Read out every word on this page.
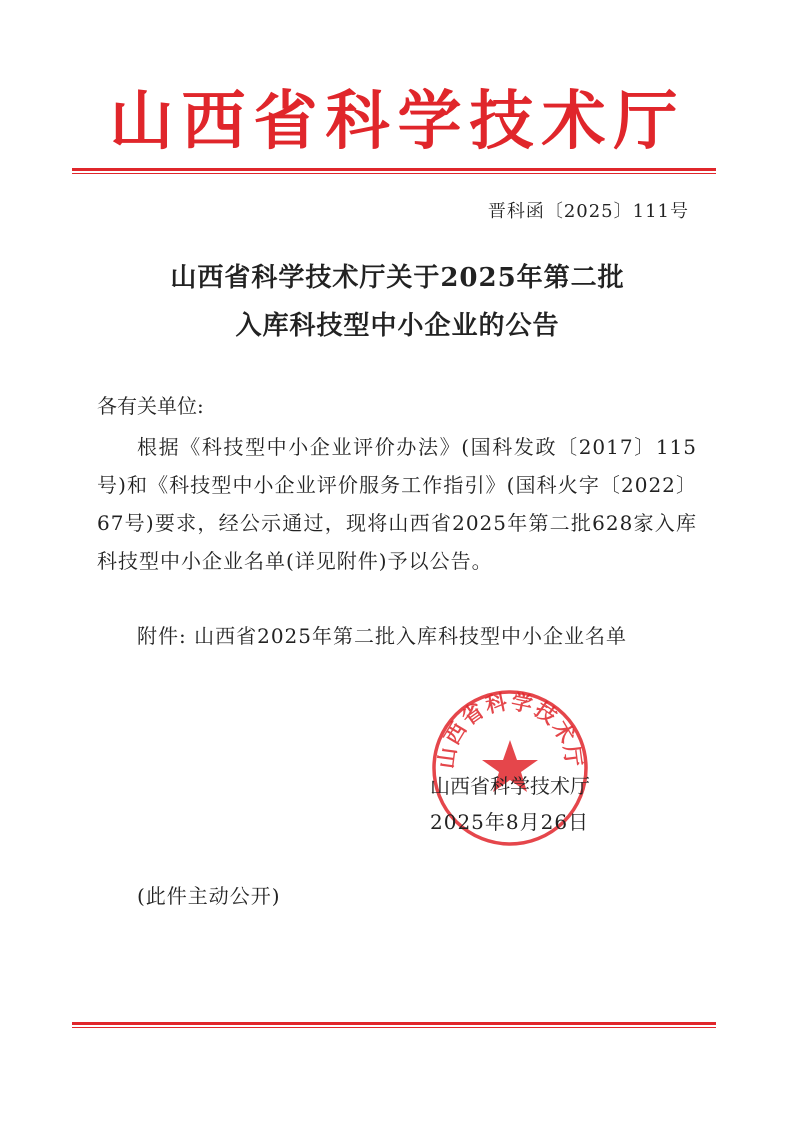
山西省科学技术厅
晋科函〔2025〕111号
山西省科学技术厅关于2025年第二批
入库科技型中小企业的公告
各有关单位:
根据《科技型中小企业评价办法》(国科发政〔2017〕115号)和《科技型中小企业评价服务工作指引》(国科火字〔2022〕67号)要求，经公示通过，现将山西省2025年第二批628家入库科技型中小企业名单(详见附件)予以公告。
附件: 山西省2025年第二批入库科技型中小企业名单
山西省科学技术厅
山西省科学技术厅
2025年8月26日
(此件主动公开)
